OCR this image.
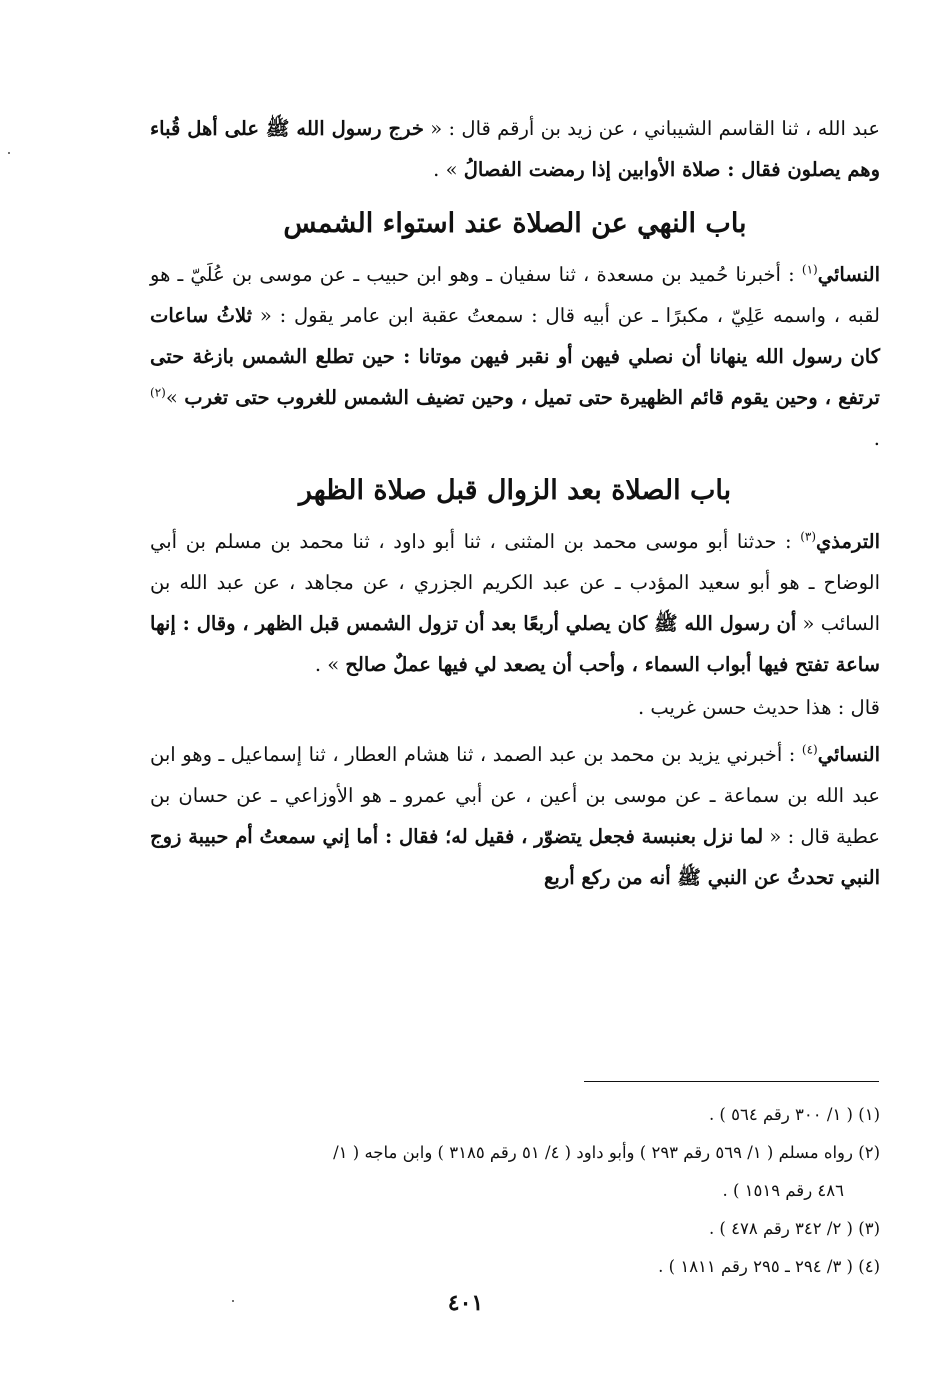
عبد الله ، ثنا القاسم الشيباني ، عن زيد بن أرقم قال : « خرج رسول الله ﷺ على أهل قُباء وهم يصلون فقال : صلاة الأوابين إذا رمضت الفصالُ » .

باب النهي عن الصلاة عند استواء الشمس

النسائي$^{(١)}$ : أخبرنا حُميد بن مسعدة ، ثنا سفيان ـ وهو ابن حبيب ـ عن موسى بن عُلَيّ ـ هو لقبه ، واسمه عَلِيّ ، مكبرًا ـ عن أبيه قال : سمعتُ عقبة ابن عامر يقول : « ثلاثُ ساعات كان رسول الله ينهانا أن نصلي فيهن أو نقبر فيهن موتانا : حين تطلع الشمس بازغة حتى ترتفع ، وحين يقوم قائم الظهيرة حتى تميل ، وحين تضيف الشمس للغروب حتى تغرب »$^{(٢)}$ .

باب الصلاة بعد الزوال قبل صلاة الظهر

الترمذي$^{(٣)}$ : حدثنا أبو موسى محمد بن المثنى ، ثنا أبو داود ، ثنا محمد بن مسلم بن أبي الوضاح ـ هو أبو سعيد المؤدب ـ عن عبد الكريم الجزري ، عن مجاهد ، عن عبد الله بن السائب « أن رسول الله ﷺ كان يصلي أربعًا بعد أن تزول الشمس قبل الظهر ، وقال : إنها ساعة تفتح فيها أبواب السماء ، وأحب أن يصعد لي فيها عملٌ صالح » .

قال : هذا حديث حسن غريب .

النسائي$^{(٤)}$ : أخبرني يزيد بن محمد بن عبد الصمد ، ثنا هشام العطار ، ثنا إسماعيل ـ وهو ابن عبد الله بن سماعة ـ عن موسى بن أعين ، عن أبي عمرو ـ هو الأوزاعي ـ عن حسان بن عطية قال : « لما نزل بعنبسة فجعل يتضوّر ، فقيل له؛ فقال : أما إني سمعتُ أم حبيبة زوج النبي تحدثُ عن النبي ﷺ أنه من ركع أربع

(١) ( ١/ ٣٠٠ رقم ٥٦٤ ) .

(٢) رواه مسلم ( ١/ ٥٦٩ رقم ٢٩٣ ) وأبو داود ( ٤/ ٥١ رقم ٣١٨٥ ) وابن ماجه ( ١/

٤٨٦ رقم ١٥١٩ ) .

(٣) ( ٢/ ٣٤٢ رقم ٤٧٨ ) .

(٤) ( ٣/ ٢٩٤ ـ ٢٩٥ رقم ١٨١١ ) .

٤٠١
